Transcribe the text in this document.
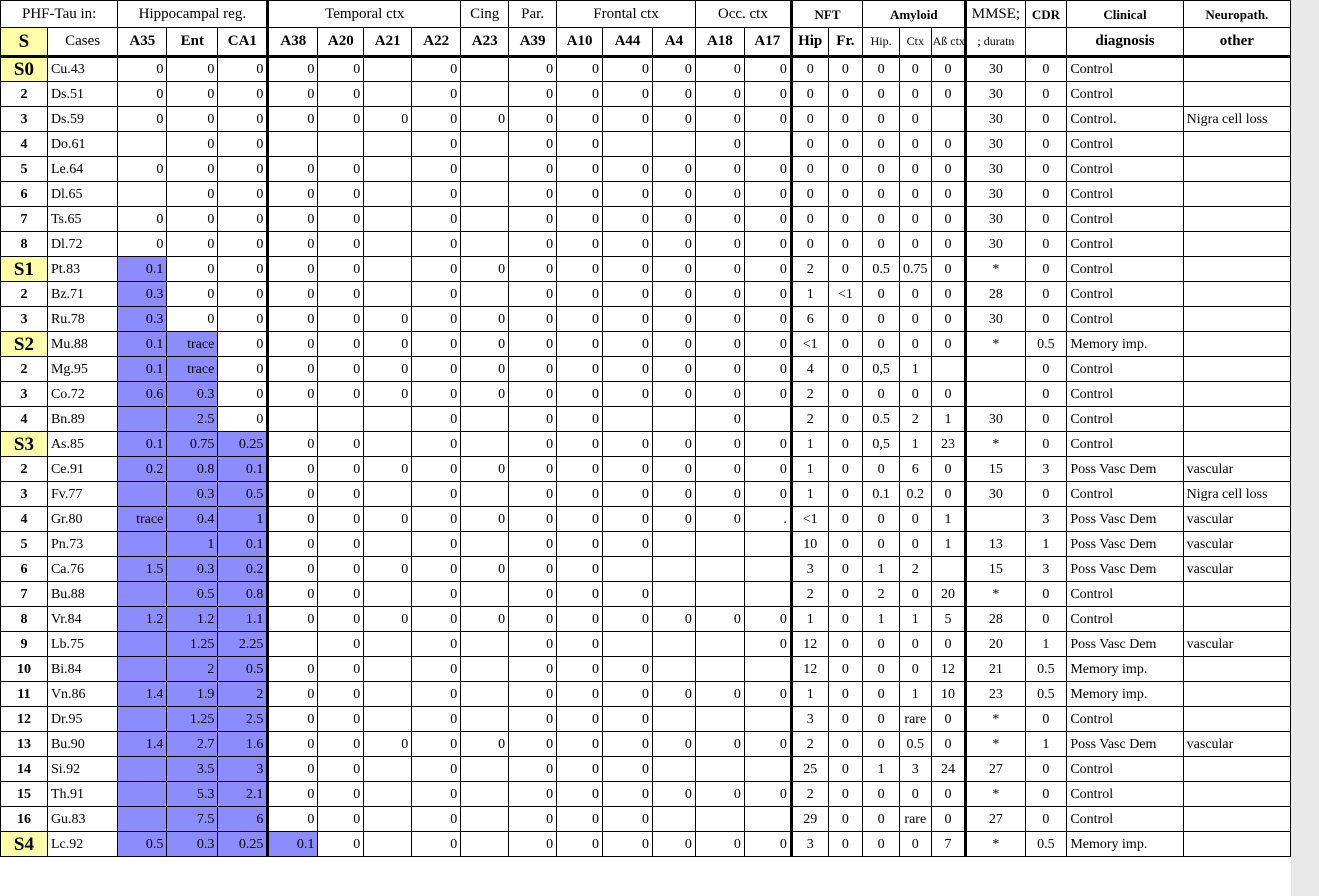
PHF-Tau in:		Hippocampal reg.			Temporal ctx				Cing	Par.	Frontal ctx			Occ. ctx		NFT		Amyloid			MMSE;	CDR	Clinical	Neuropath.
S	Cases	A35	Ent	CA1	A38	A20	A21	A22	A23	A39	A10	A44	A4	A18	A17	Hip	Fr.	Hip.	Ctx	Aß ctx	; duratn		diagnosis	other
S0	Cu.43	0	0	0	0	0		0		0	0	0	0	0	0	0	0	0	0	0	30	0	Control	
2	Ds.51	0	0	0	0	0		0		0	0	0	0	0	0	0	0	0	0	0	30	0	Control	
3	Ds.59	0	0	0	0	0	0	0	0	0	0	0	0	0	0	0	0	0	0		30	0	Control.	Nigra cell loss
4	Do.61		0	0				0		0	0			0		0	0	0	0	0	30	0	Control	
5	Le.64	0	0	0	0	0		0		0	0	0	0	0	0	0	0	0	0	0	30	0	Control	
6	Dl.65		0	0	0	0		0		0	0	0	0	0	0	0	0	0	0	0	30	0	Control	
7	Ts.65	0	0	0	0	0		0		0	0	0	0	0	0	0	0	0	0	0	30	0	Control	
8	Dl.72	0	0	0	0	0		0		0	0	0	0	0	0	0	0	0	0	0	30	0	Control	
S1	Pt.83	0.1	0	0	0	0		0	0	0	0	0	0	0	0	2	0	0.5	0.75	0	*	0	Control	
2	Bz.71	0.3	0	0	0	0		0		0	0	0	0	0	0	1	<1	0	0	0	28	0	Control	
3	Ru.78	0.3	0	0	0	0	0	0	0	0	0	0	0	0	0	6	0	0	0	0	30	0	Control	
S2	Mu.88	0.1	trace	0	0	0	0	0	0	0	0	0	0	0	0	<1	0	0	0	0	*	0.5	Memory imp.	
2	Mg.95	0.1	trace	0	0	0	0	0	0	0	0	0	0	0	0	4	0	0,5	1			0	Control	
3	Co.72	0.6	0.3	0	0	0	0	0	0	0	0	0	0	0	0	2	0	0	0	0		0	Control	
4	Bn.89		2.5	0				0		0	0			0		2	0	0.5	2	1	30	0	Control	
S3	As.85	0.1	0.75	0.25	0	0		0		0	0	0	0	0	0	1	0	0,5	1	23	*	0	Control	
2	Ce.91	0.2	0.8	0.1	0	0	0	0	0	0	0	0	0	0	0	1	0	0	6	0	15	3	Poss Vasc Dem	vascular
3	Fv.77		0.3	0.5	0	0		0		0	0	0	0	0	0	1	0	0.1	0.2	0	30	0	Control	Nigra cell loss
4	Gr.80	trace	0.4	1	0	0	0	0	0	0	0	0	0	0	.	<1	0	0	0	1		3	Poss Vasc Dem	vascular
5	Pn.73		1	0.1	0	0		0		0	0	0				10	0	0	0	1	13	1	Poss Vasc Dem	vascular
6	Ca.76	1.5	0.3	0.2	0	0	0	0	0	0	0					3	0	1	2		15	3	Poss Vasc Dem	vascular
7	Bu.88		0.5	0.8	0	0		0		0	0	0				2	0	2	0	20	*	0	Control	
8	Vr.84	1.2	1.2	1.1	0	0	0	0	0	0	0	0	0	0	0	1	0	1	1	5	28	0	Control	
9	Lb.75		1.25	2.25		0		0		0	0				0	12	0	0	0	0	20	1	Poss Vasc Dem	vascular
10	Bi.84		2	0.5	0	0		0		0	0	0				12	0	0	0	12	21	0.5	Memory imp.	
11	Vn.86	1.4	1.9	2	0	0		0		0	0	0	0	0	0	1	0	0	1	10	23	0.5	Memory imp.	
12	Dr.95		1.25	2.5	0	0		0		0	0	0				3	0	0	rare	0	*	0	Control	
13	Bu.90	1.4	2.7	1.6	0	0	0	0	0	0	0	0	0	0	0	2	0	0	0.5	0	*	1	Poss Vasc Dem	vascular
14	Si.92		3.5	3	0	0		0		0	0	0				25	0	1	3	24	27	0	Control	
15	Th.91		5.3	2.1	0	0		0		0	0	0	0	0	0	2	0	0	0	0	*	0	Control	
16	Gu.83		7.5	6	0	0		0		0	0	0				29	0	0	rare	0	27	0	Control	
S4	Lc.92	0.5	0.3	0.25	0.1	0		0		0	0	0	0	0	0	3	0	0	0	7	*	0.5	Memory imp.	
